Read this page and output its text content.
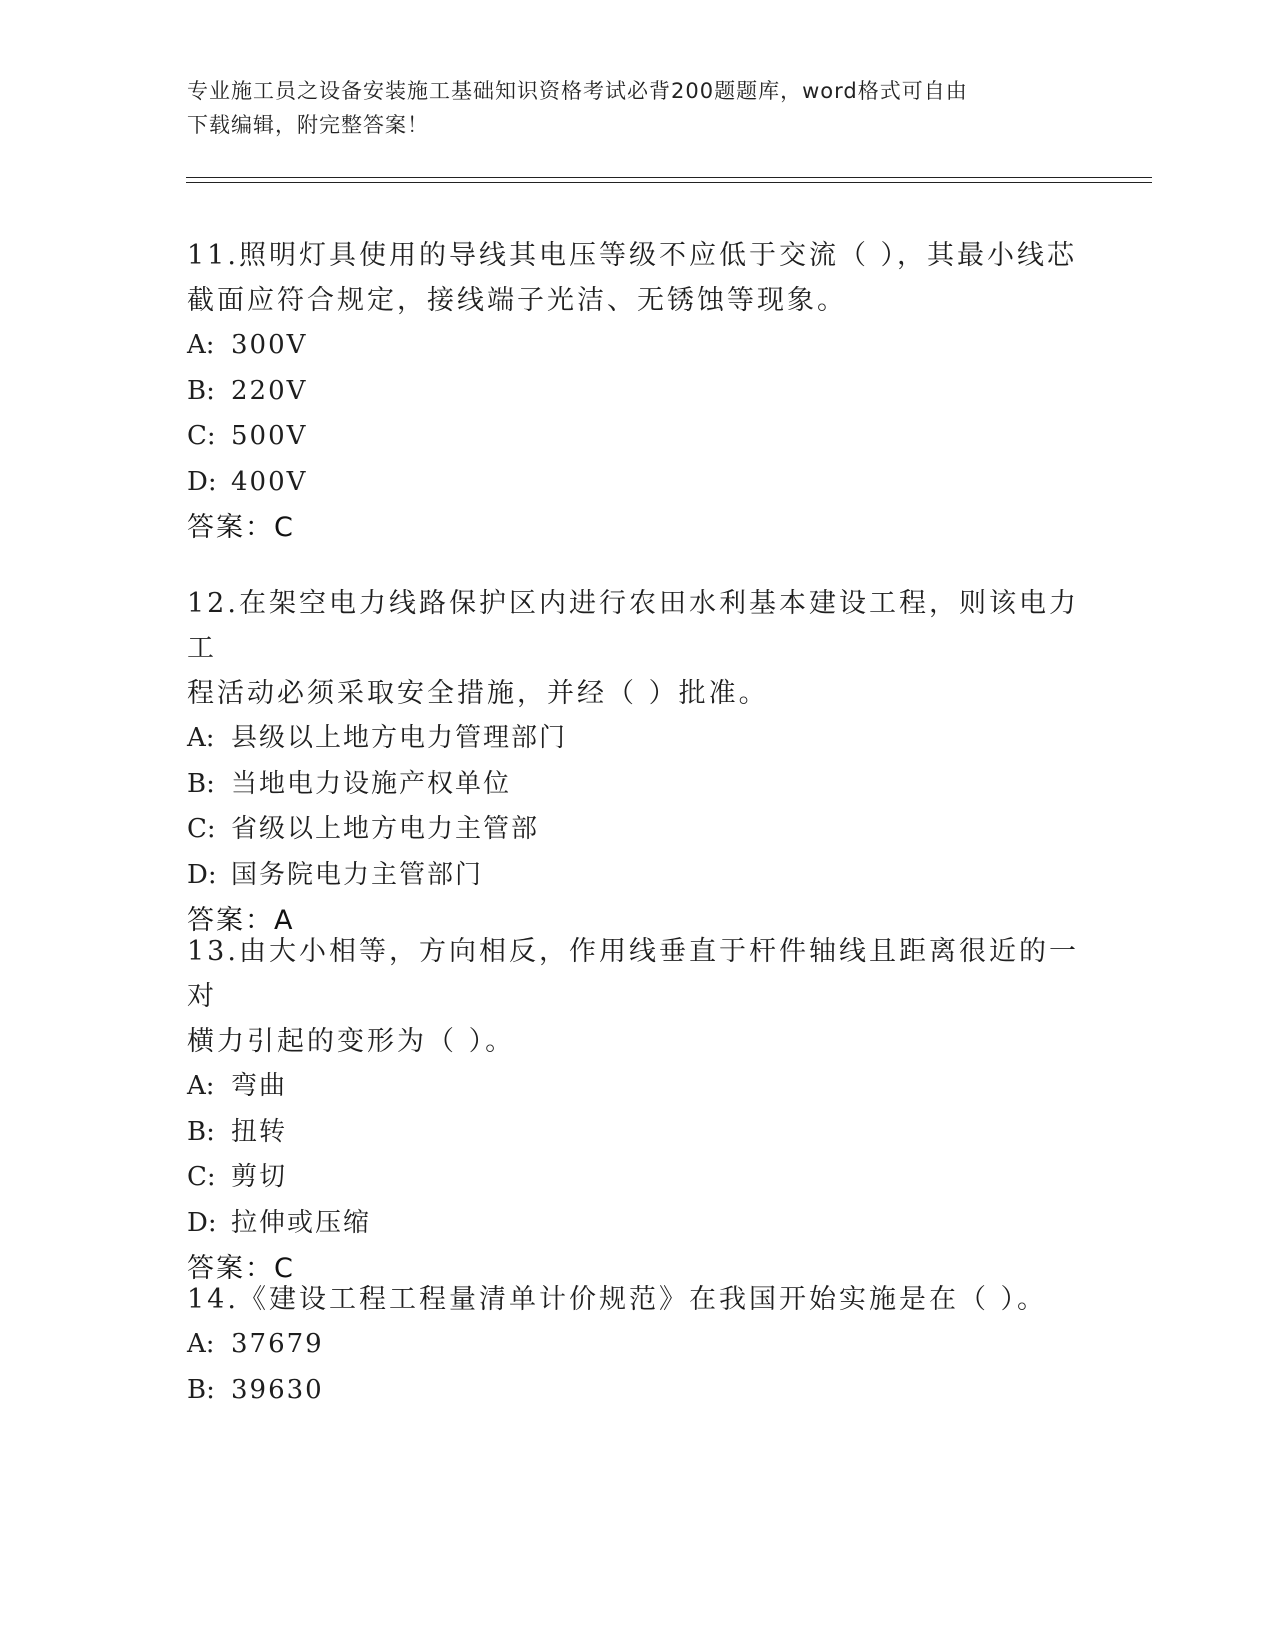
专业施工员之设备安装施工基础知识资格考试必背200题题库，word格式可自由
下载编辑，附完整答案！

11.照明灯具使用的导线其电压等级不应低于交流（ ），其最小线芯
截面应符合规定，接线端子光洁、无锈蚀等现象。

A: 300V
B: 220V
C: 500V
D: 400V

答案：C

12.在架空电力线路保护区内进行农田水利基本建设工程，则该电力工
程活动必须采取安全措施，并经（ ）批准。

A: 县级以上地方电力管理部门
B: 当地电力设施产权单位
C: 省级以上地方电力主管部
D: 国务院电力主管部门

答案：A

13.由大小相等，方向相反，作用线垂直于杆件轴线且距离很近的一对
横力引起的变形为（ ）。

A: 弯曲
B: 扭转
C: 剪切
D: 拉伸或压缩

答案：C

14.《建设工程工程量清单计价规范》在我国开始实施是在（ ）。

A: 37679
B: 39630
